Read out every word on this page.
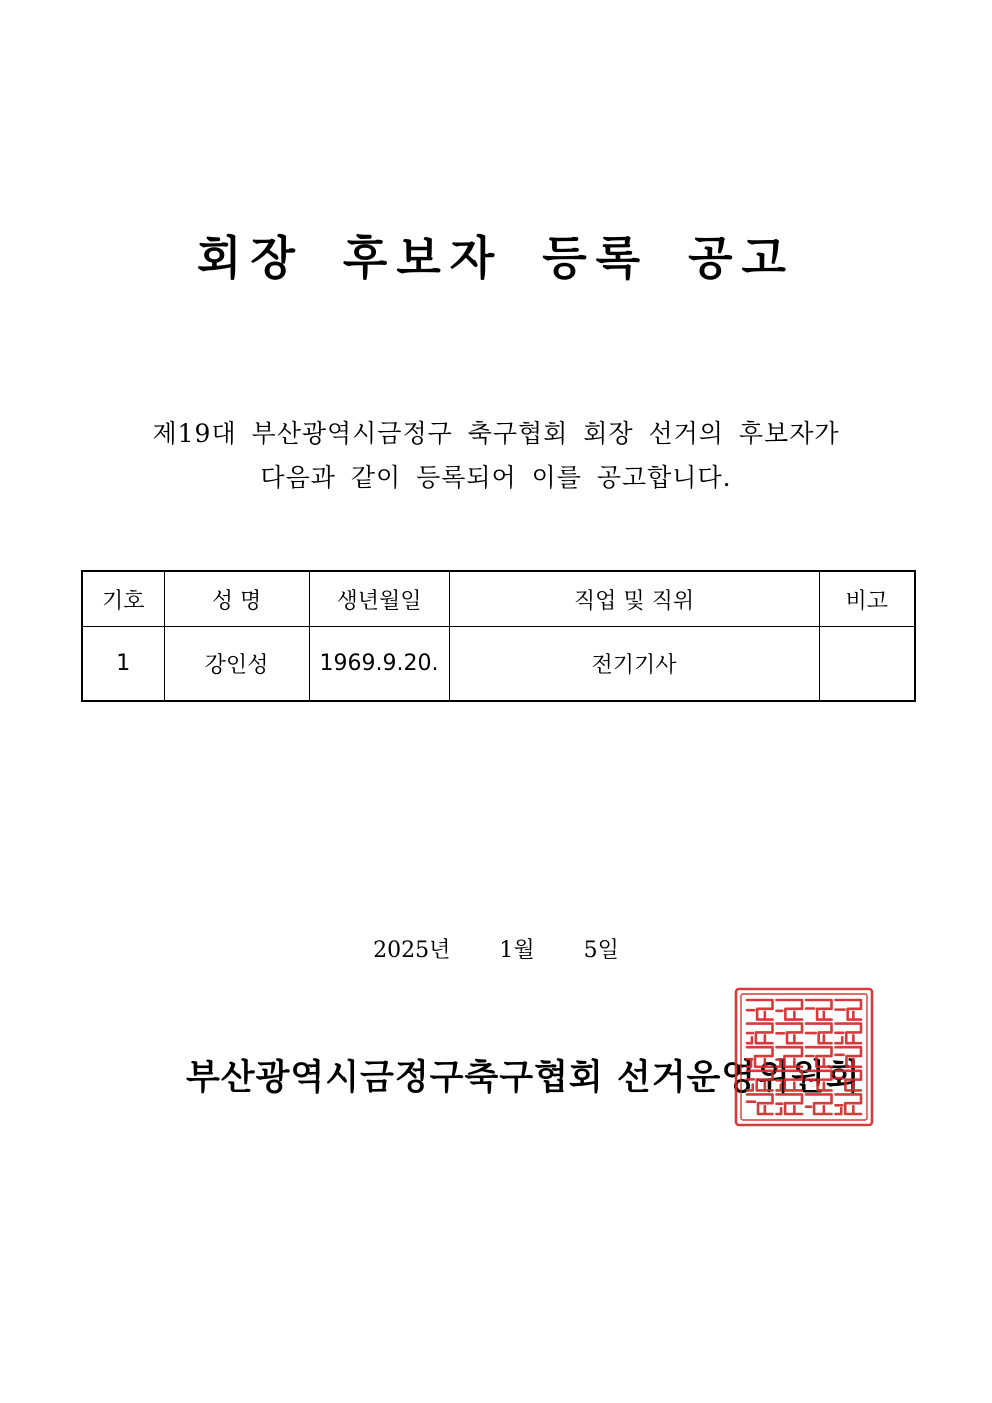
회장 후보자 등록 공고
제19대 부산광역시금정구 축구협회 회장 선거의 후보자가
다음과 같이 등록되어 이를 공고합니다.
기호	성 명	생년월일	직업 및 직위	비고
1	강인성	1969.9.20.	전기기사	
2025년 1월 5일
부산광역시금정구축구협회 선거운영위원회
